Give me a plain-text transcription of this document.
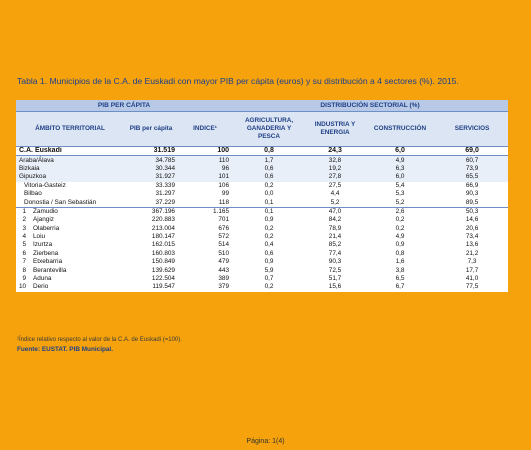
Tabla 1. Municipios de la C.A. de Euskadi con mayor PIB per cápita (euros) y su distribución a 4 sectores (%). 2015.
PIB PER CÁPITA				DISTRIBUCIÓN SECTORIAL (%)			
ÁMBITO TERRITORIAL		PIB per cápita	INDICE¹	AGRICULTURA, GANADERIA Y PESCA	INDUSTRIA Y ENERGIA	CONSTRUCCIÓN	SERVICIOS
C.A. Euskadi		31.519	100	0,8	24,3	6,0	69,0
Araba/Álava		34.785	110	1,7	32,8	4,9	60,7
Bizkaia		30.344	96	0,6	19,2	6,3	73,9
Gipuzkoa		31.927	101	0,6	27,8	6,0	65,5
Vitoria-Gasteiz		33.339	106	0,2	27,5	5,4	66,9
Bilbao		31.297	99	0,0	4,4	5,3	90,3
Donostia / San Sebastián		37.229	118	0,1	5,2	5,2	89,5
1	Zamudio	367.196	1.165	0,1	47,0	2,6	50,3
2	Ajangiz	220.883	701	0,9	84,2	0,2	14,6
3	Olaberria	213.004	676	0,2	78,9	0,2	20,6
4	Loiu	180.147	572	0,2	21,4	4,9	73,4
5	Izurtza	162.015	514	0,4	85,2	0,9	13,6
6	Zierbena	160.803	510	0,6	77,4	0,8	21,2
7	Etxebarria	150.849	479	0,9	90,3	1,6	7,3
8	Berantevilla	139.629	443	5,9	72,5	3,8	17,7
9	Aduna	122.504	389	0,7	51,7	6,5	41,0
10	Derio	119.547	379	0,2	15,6	6,7	77,5
¹Índice relativo respecto al valor de la C.A. de Euskadi (=100).
Fuente: EUSTAT. PIB Municipal.
Página: 1(4)
